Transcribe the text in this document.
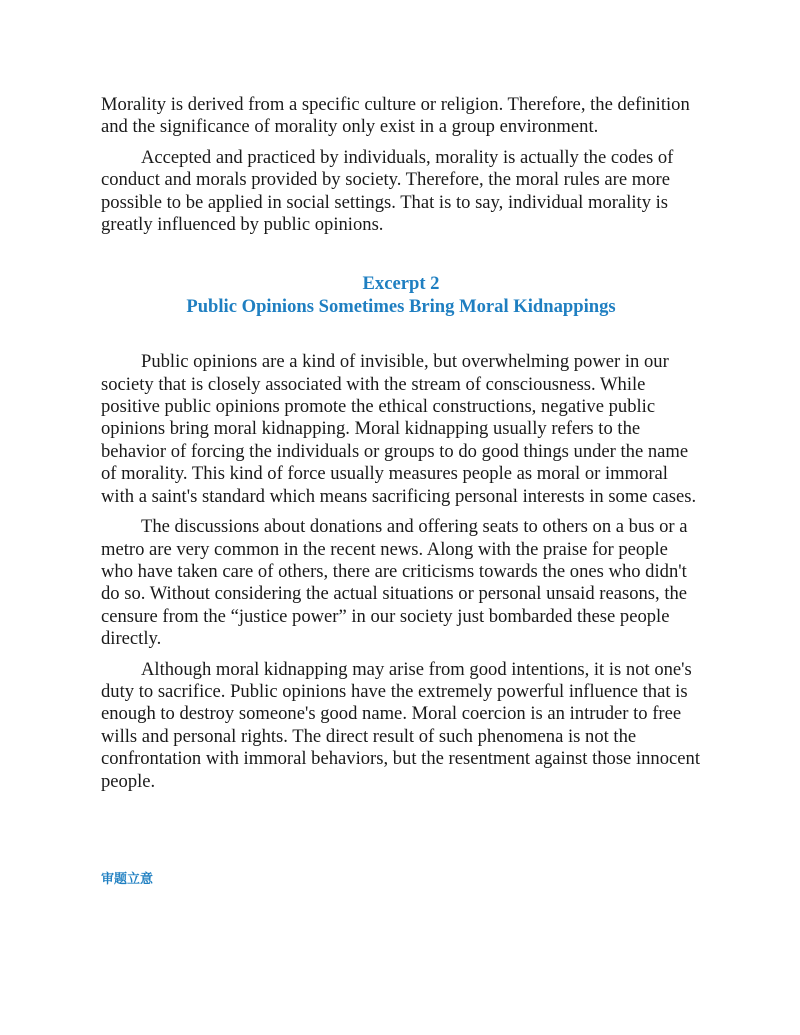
Morality is derived from a specific culture or religion. Therefore, the definition and the significance of morality only exist in a group environment.

Accepted and practiced by individuals, morality is actually the codes of conduct and morals provided by society. Therefore, the moral rules are more possible to be applied in social settings. That is to say, individual morality is greatly influenced by public opinions.

Excerpt 2
Public Opinions Sometimes Bring Moral Kidnappings

Public opinions are a kind of invisible, but overwhelming power in our society that is closely associated with the stream of consciousness. While positive public opinions promote the ethical constructions, negative public opinions bring moral kidnapping. Moral kidnapping usually refers to the behavior of forcing the individuals or groups to do good things under the name of morality. This kind of force usually measures people as moral or immoral with a saint's standard which means sacrificing personal interests in some cases.

The discussions about donations and offering seats to others on a bus or a metro are very common in the recent news. Along with the praise for people who have taken care of others, there are criticisms towards the ones who didn't do so. Without considering the actual situations or personal unsaid reasons, the censure from the “justice power” in our society just bombarded these people directly.

Although moral kidnapping may arise from good intentions, it is not one's duty to sacrifice. Public opinions have the extremely powerful influence that is enough to destroy someone's good name. Moral coercion is an intruder to free wills and personal rights. The direct result of such phenomena is not the confrontation with immoral behaviors, but the resentment against those innocent people.

审题立意
